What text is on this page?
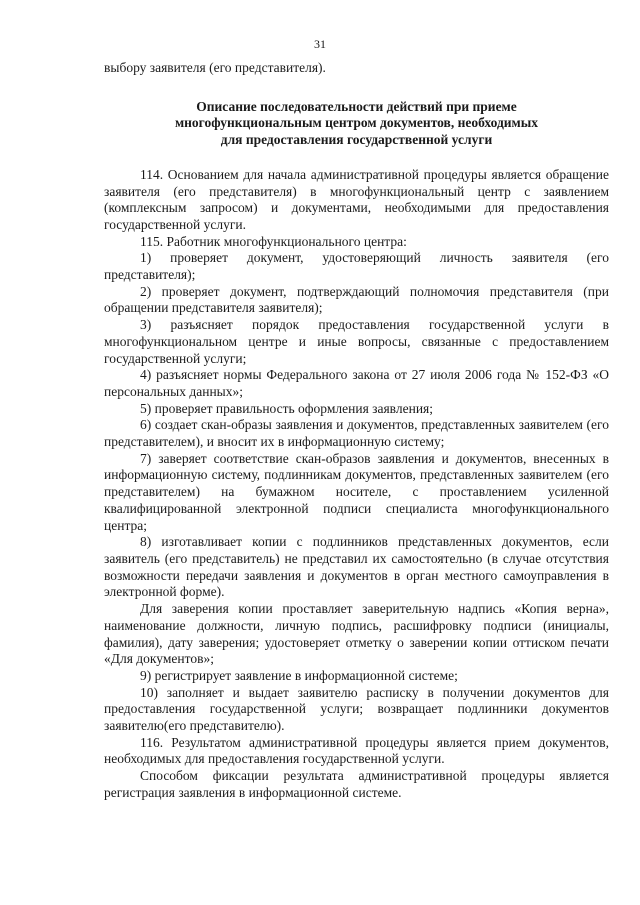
31

выбору заявителя (его представителя).

Описание последовательности действий при приеме
многофункциональным центром документов, необходимых
для предоставления государственной услуги

114. Основанием для начала административной процедуры является обращение заявителя (его представителя) в многофункциональный центр с заявлением (комплексным запросом) и документами, необходимыми для предоставления государственной услуги.

115. Работник многофункционального центра:

1) проверяет документ, удостоверяющий личность заявителя (его представителя);

2) проверяет документ, подтверждающий полномочия представителя (при обращении представителя заявителя);

3) разъясняет порядок предоставления государственной услуги в многофункциональном центре и иные вопросы, связанные с предоставлением государственной услуги;

4) разъясняет нормы Федерального закона от 27 июля 2006 года № 152-ФЗ «О персональных данных»;

5) проверяет правильность оформления заявления;

6) создает скан-образы заявления и документов, представленных заявителем (его представителем), и вносит их в информационную систему;

7) заверяет соответствие скан-образов заявления и документов, внесенных в информационную систему, подлинникам документов, представленных заявителем (его представителем) на бумажном носителе, с проставлением усиленной квалифицированной электронной подписи специалиста многофункционального центра;

8) изготавливает копии с подлинников представленных документов, если заявитель (его представитель) не представил их самостоятельно (в случае отсутствия возможности передачи заявления и документов в орган местного самоуправления в электронной форме).

Для заверения копии проставляет заверительную надпись «Копия верна», наименование должности, личную подпись, расшифровку подписи (инициалы, фамилия), дату заверения; удостоверяет отметку о заверении копии оттиском печати «Для документов»;

9) регистрирует заявление в информационной системе;

10) заполняет и выдает заявителю расписку в получении документов для предоставления государственной услуги; возвращает подлинники документов заявителю(его представителю).

116. Результатом административной процедуры является прием документов, необходимых для предоставления государственной услуги.

Способом фиксации результата административной процедуры является регистрация заявления в информационной системе.
